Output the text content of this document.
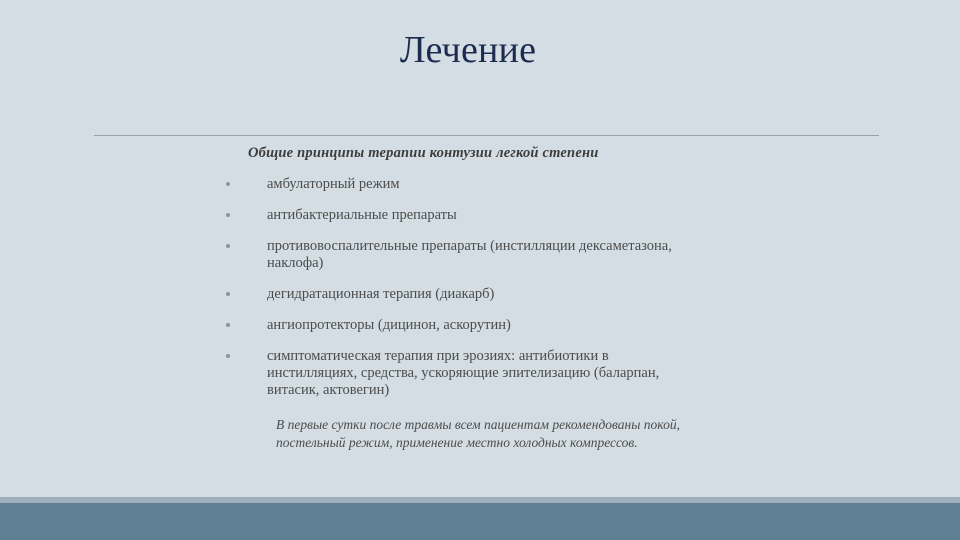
Лечение
Общие принципы терапии контузии легкой степени
амбулаторный режим
антибактериальные препараты
противовоспалительные препараты (инстилляции дексаметазона, наклофа)
дегидратационная терапия (диакарб)
ангиопротекторы (дицинон, аскорутин)
симптоматическая терапия при эрозиях: антибиотики в инстилляциях, средства, ускоряющие эпителизацию (баларпан, витасик, актовегин)
В первые сутки после травмы всем пациентам рекомендованы покой, постельный режим, применение местно холодных компрессов.
